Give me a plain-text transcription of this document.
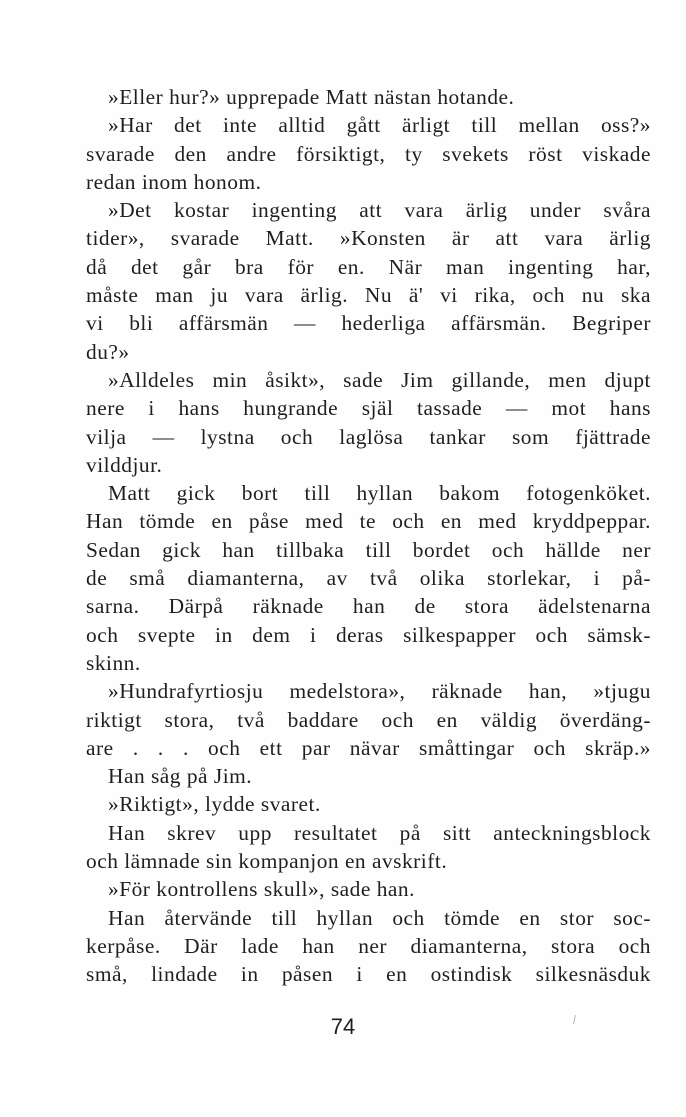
»Eller hur?» upprepade Matt nästan hotande.
»Har det inte alltid gått ärligt till mellan oss?»
svarade den andre försiktigt, ty svekets röst viskade
redan inom honom.
»Det kostar ingenting att vara ärlig under svåra
tider», svarade Matt. »Konsten är att vara ärlig
då det går bra för en. När man ingenting har,
måste man ju vara ärlig. Nu ä' vi rika, och nu ska
vi bli affärsmän — hederliga affärsmän. Begriper
du?»
»Alldeles min åsikt», sade Jim gillande, men djupt
nere i hans hungrande själ tassade — mot hans
vilja — lystna och laglösa tankar som fjättrade
vilddjur.
Matt gick bort till hyllan bakom fotogenköket.
Han tömde en påse med te och en med kryddpeppar.
Sedan gick han tillbaka till bordet och hällde ner
de små diamanterna, av två olika storlekar, i på-
sarna. Därpå räknade han de stora ädelstenarna
och svepte in dem i deras silkespapper och sämsk-
skinn.
»Hundrafyrtiosju medelstora», räknade han, »tjugu
riktigt stora, två baddare och en väldig överdäng-
are . . . och ett par nävar småttingar och skräp.»
Han såg på Jim.
»Riktigt», lydde svaret.
Han skrev upp resultatet på sitt anteckningsblock
och lämnade sin kompanjon en avskrift.
»För kontrollens skull», sade han.
Han återvände till hyllan och tömde en stor soc-
kerpåse. Där lade han ner diamanterna, stora och
små, lindade in påsen i en ostindisk silkesnäsduk
74
